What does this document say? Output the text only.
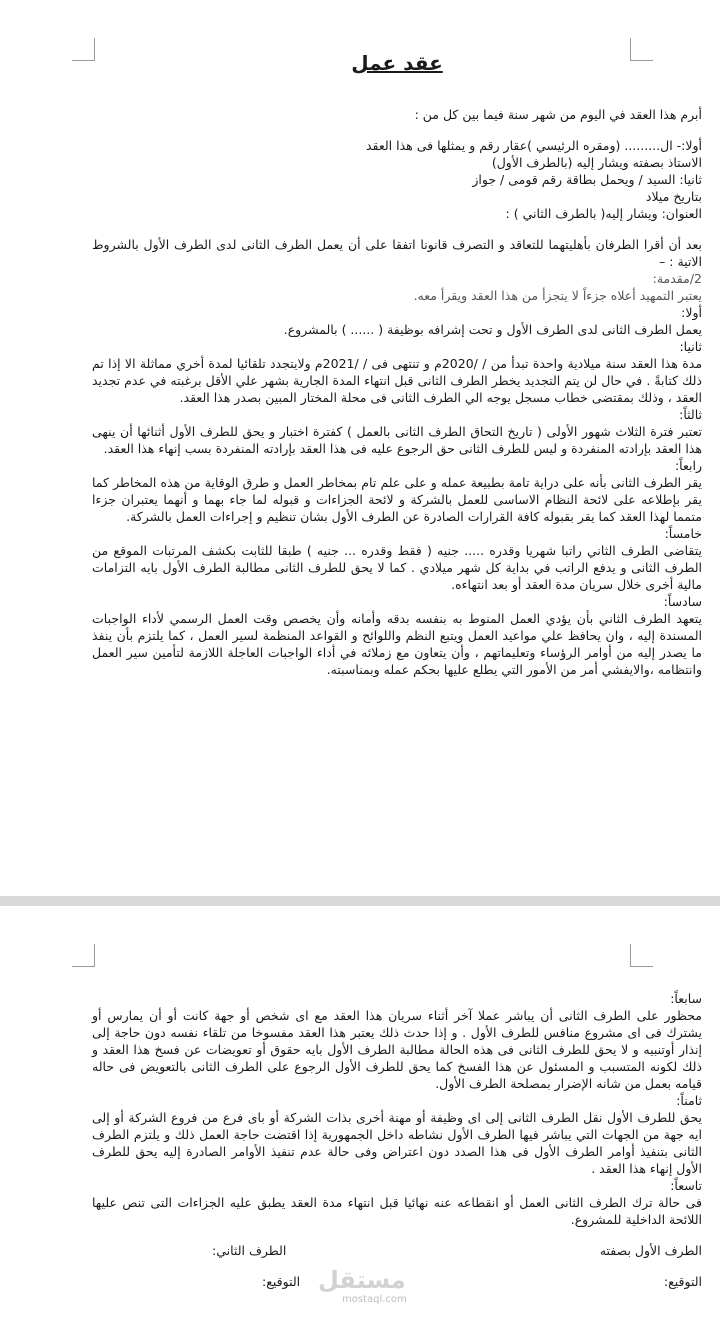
عقد عمل

أبرم هذا العقد في اليوم من شهر سنة فيما بين كل من :

أولا:- ال......... (ومقره الرئيسي )عقار رقم و يمثلها فى هذا العقد

الاستاذ بصفته ويشار إليه (بالطرف الأول)

ثانيا: السيد / ويحمل بطاقة رقم قومى / جواز

بتاريخ ميلاد

العنوان: ويشار إليه( بالطرف الثاني ) :

بعد أن أقرا الطرفان بأهليتهما للتعاقد و التصرف قانونا اتفقا على أن يعمل الطرف الثانى لدى الطرف الأول بالشروط الاتية : –

2/مقدمة:

يعتبر التمهيد أعلاه جزءاً لا يتجزأ من هذا العقد ويقرأ معه.

أولا:

يعمل الطرف الثانى لدى الطرف الأول و تحت إشرافه بوظيفة ( ...... ) بالمشروع.

ثانيا:

مدة هذا العقد سنة ميلادية واحدة تبدأ من / /2020م و تنتهى فى / /2021م ولايتجدد تلقائيا لمدة أخري مماثلة الا إذا تم ذلك كتابةً . في حال لن يتم التجديد يخطر الطرف الثانى قبل انتهاء المدة الجارية بشهر علي الأقل برغبته في عدم تجديد العقد ، وذلك بمقتضى خطاب مسجل يوجه الي الطرف الثانى فى محلة المختار المبين بصدر هذا العقد.

ثالثاً:

تعتبر فترة الثلاث شهور الأولى ( تاريخ التحاق الطرف الثانى بالعمل ) كفترة اختبار و يحق للطرف الأول أثنائها أن ينهى هذا العقد بإرادته المنفردة و ليس للطرف الثانى حق الرجوع عليه فى هذا العقد بإرادته المنفردة بسب إنهاء هذا العقد.

رابعاً:

يقر الطرف الثانى بأنه على دراية تامة بطبيعة عمله و على علم تام بمخاطر العمل و طرق الوقاية من هذه المخاطر كما يقر بإطلاعه على لائحة النظام الاساسى للعمل بالشركة و لائحة الجزاءات و قبوله لما جاء بهما و أنهما يعتبران جزءا متمما لهذا العقد كما يقر بقبوله كافة القرارات الصادرة عن الطرف الأول بشان تنظيم و إجراءات العمل بالشركة.

خامساً:

يتقاضى الطرف الثاني راتبا شهريا وقدره ..... جنيه ( فقط وقدره ... جنيه ) طبقا للثابت بكشف المرتبات الموقع من الطرف الثانى و يدفع الراتب في بداية كل شهر ميلادي . كما لا يحق للطرف الثانى مطالبة الطرف الأول بايه التزامات مالية أخرى خلال سريان مدة العقد أو بعد انتهاءه.

سادساً:

يتعهد الطرف الثاني بأن يؤدي العمل المنوط به بنفسه بدقه وأمانه وأن يخصص وقت العمل الرسمي لأداء الواجبات المسندة إليه ، وان يحافظ علي مواعيد العمل ويتبع النظم واللوائح و القواعد المنظمة لسير العمل ، كما يلتزم بأن ينفذ ما يصدر إليه من أوامر الرؤساء وتعليماتهم ، وأن يتعاون مع زملائه في أداء الواجبات العاجلة اللازمة لتأمين سير العمل وانتظامه ،والايفشي أمر من الأمور التي يطلع عليها بحكم عمله وبمناسبته.

سابعاً:

محظور على الطرف الثانى أن يباشر عملا آخر أثناء سريان هذا العقد مع اى شخص أو جهة كانت أو أن يمارس أو يشترك فى اى مشروع منافس للطرف الأول . و إذا حدث ذلك يعتبر هذا العقد مفسوخا من تلقاء نفسه دون حاجة إلى إنذار أوتنبيه و لا يحق للطرف الثانى فى هذه الحالة مطالبة الطرف الأول بايه حقوق أو تعويضات عن فسخ هذا العقد و ذلك لكونه المتسبب و المسئول عن هذا الفسخ كما يحق للطرف الأول الرجوع على الطرف الثانى بالتعويض فى حاله قيامه بعمل من شانه الإضرار بمصلحة الطرف الأول.

ثامناً:

يحق للطرف الأول نقل الطرف الثانى إلى اى وظيفة أو مهنة أخرى بذات الشركة أو باى فرع من فروع الشركة أو إلى ايه جهة من الجهات التي يباشر فيها الطرف الأول نشاطه داخل الجمهورية إذا اقتضت حاجة العمل ذلك و يلتزم الطرف الثانى بتنفيذ أوامر الطرف الأول فى هذا الصدد دون اعتراض وفى حالة عدم تنفيذ الأوامر الصادرة إليه يحق للطرف الأول إنهاء هذا العقد .

تاسعاً:

فى حالة ترك الطرف الثانى العمل أو انقطاعه عنه نهائيا قبل انتهاء مدة العقد يطبق عليه الجزاءات التى تنص عليها اللائحة الداخلية للمشروع.

الطرف الأول بصفته
الطرف الثاني:
التوقيع:
التوقيع: مستقل
mostaql.com
